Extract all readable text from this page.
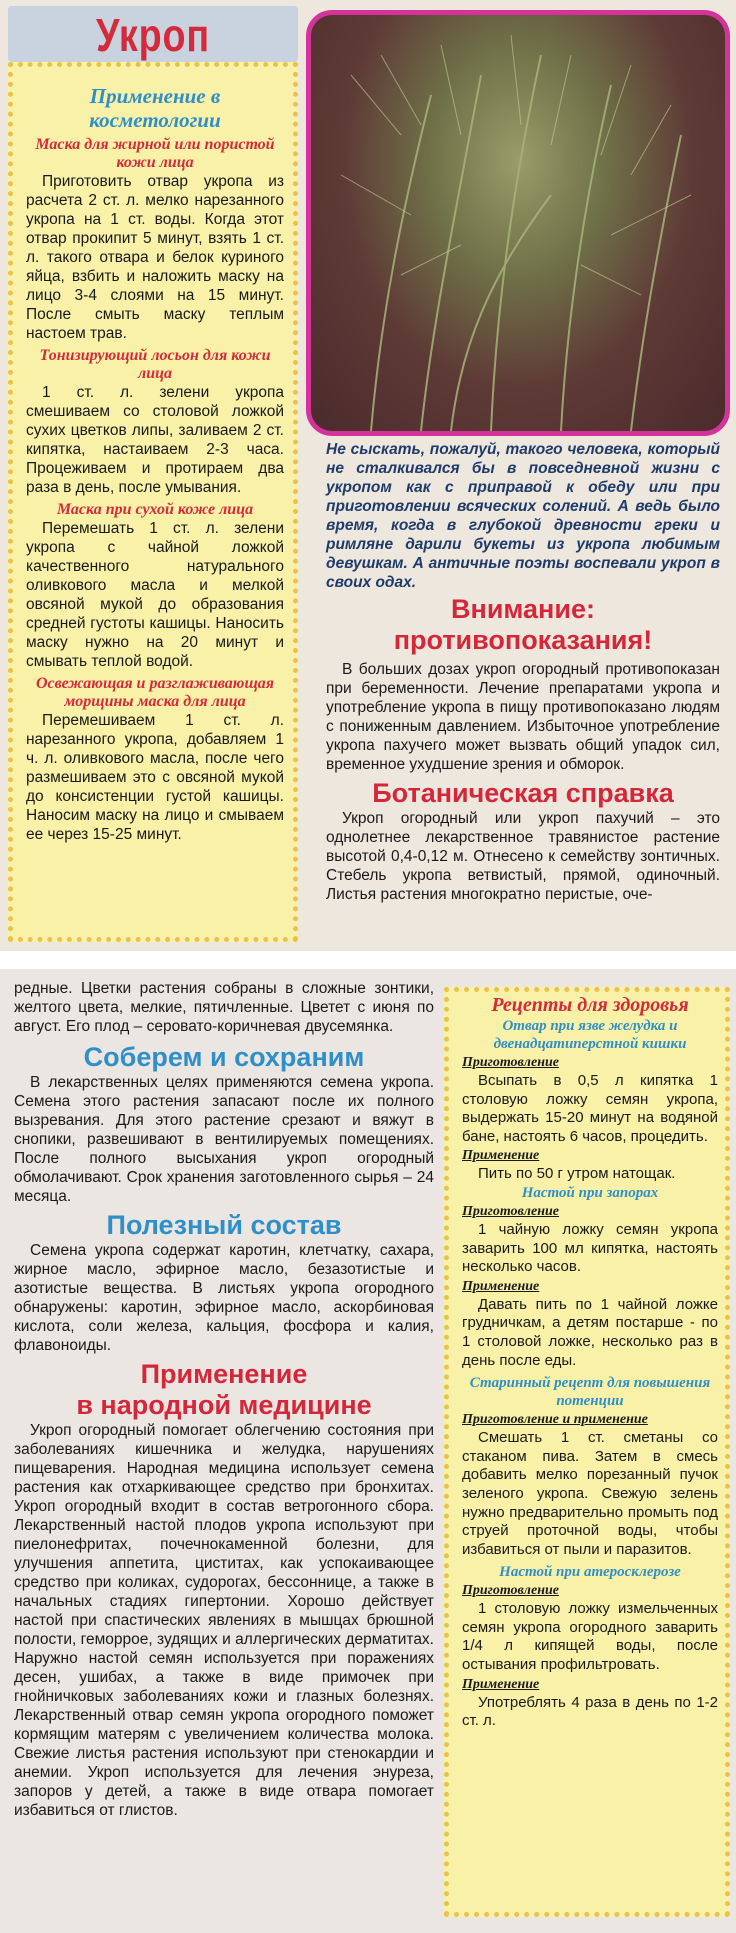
Укроп
Применение в косметологии
Маска для жирной или пористой кожи лица

Приготовить отвар укропа из расчета 2 ст. л. мелко нарезанного укропа на 1 ст. воды. Когда этот отвар прокипит 5 минут, взять 1 ст. л. такого отвара и белок куриного яйца, взбить и наложить маску на лицо 3-4 слоями на 15 минут. После смыть маску теплым настоем трав.

Тонизирующий лосьон для кожи лица

1 ст. л. зелени укропа смешиваем со столовой ложкой сухих цветков липы, заливаем 2 ст. кипятка, настаиваем 2-3 часа. Процеживаем и протираем два раза в день, после умывания.

Маска при сухой коже лица

Перемешать 1 ст. л. зелени укропа с чайной ложкой качественного натурального оливкового масла и мелкой овсяной мукой до образования средней густоты кашицы. Наносить маску нужно на 20 минут и смывать теплой водой.

Освежающая и разглаживающая морщины маска для лица

Перемешиваем 1 ст. л. нарезанного укропа, добавляем 1 ч. л. оливкового масла, после чего размешиваем это с овсяной мукой до консистенции густой кашицы. Наносим маску на лицо и смываем ее через 15-25 минут.

Не сыскать, пожалуй, такого человека, который не сталкивался бы в повседневной жизни с укропом как с приправой к обеду или при приготовлении всяческих солений. А ведь было время, когда в глубокой древности греки и римляне дарили букеты из укропа любимым девушкам. А античные поэты воспевали укроп в своих одах.
Внимание: противопоказания!

В больших дозах укроп огородный противопоказан при беременности. Лечение препаратами укропа и употребление укропа в пищу противопоказано людям с пониженным давлением. Избыточное употребление укропа пахучего может вызвать общий упадок сил, временное ухудшение зрения и обморок.

Ботаническая справка

Укроп огородный или укроп пахучий – это однолетнее лекарственное травянистое растение высотой 0,4-0,12 м. Отнесено к семейству зонтичных. Стебель укропа ветвистый, прямой, одиночный. Листья растения многократно перистые, оче-

редные. Цветки растения собраны в сложные зонтики, желтого цвета, мелкие, пятичленные. Цветет с июня по август. Его плод – серовато-коричневая двусемянка.

Соберем и сохраним

В лекарственных целях применяются семена укропа. Семена этого растения запасают после их полного вызревания. Для этого растение срезают и вяжут в снопики, развешивают в вентилируемых помещениях. После полного высыхания укроп огородный обмолачивают. Срок хранения заготовленного сырья – 24 месяца.

Полезный состав

Семена укропа содержат каротин, клетчатку, сахара, жирное масло, эфирное масло, безазотистые и азотистые вещества. В листьях укропа огородного обнаружены: каротин, эфирное масло, аскорбиновая кислота, соли железа, кальция, фосфора и калия, флавоноиды.

Применение
в народной медицине

Укроп огородный помогает облегчению состояния при заболеваниях кишечника и желудка, нарушениях пищеварения. Народная медицина использует семена растения как отхаркивающее средство при бронхитах. Укроп огородный входит в состав ветрогонного сбора. Лекарственный настой плодов укропа используют при пиелонефритах, почечнокаменной болезни, для улучшения аппетита, циститах, как успокаивающее средство при коликах, судорогах, бессоннице, а также в начальных стадиях гипертонии. Хорошо действует настой при спастических явлениях в мышцах брюшной полости, геморрое, зудящих и аллергических дерматитах. Наружно настой семян используется при поражениях десен, ушибах, а также в виде примочек при гнойничковых заболеваниях кожи и глазных болезнях. Лекарственный отвар семян укропа огородного поможет кормящим матерям с увеличением количества молока. Свежие листья растения используют при стенокардии и анемии. Укроп используется для лечения энуреза, запоров у детей, а также в виде отвара помогает избавиться от глистов.

Рецепты для здоровья
Отвар при язве желудка и двенадцатиперстной кишки
Приготовление

Всыпать в 0,5 л кипятка 1 столовую ложку семян укропа, выдержать 15-20 минут на водяной бане, настоять 6 часов, процедить.

Применение

Пить по 50 г утром натощак.

Настой при запорах
Приготовление

1 чайную ложку семян укропа заварить 100 мл кипятка, настоять несколько часов.

Применение

Давать пить по 1 чайной ложке грудничкам, а детям постарше - по 1 столовой ложке, несколько раз в день после еды.

Старинный рецепт для повышения потенции
Приготовление и применение

Смешать 1 ст. сметаны со стаканом пива. Затем в смесь добавить мелко порезанный пучок зеленого укропа. Свежую зелень нужно предварительно промыть под струей проточной воды, чтобы избавиться от пыли и паразитов.

Настой при атеросклерозе
Приготовление

1 столовую ложку измельченных семян укропа огородного заварить 1/4 л кипящей воды, после остывания профильтровать.

Применение

Употреблять 4 раза в день по 1-2 ст. л.
